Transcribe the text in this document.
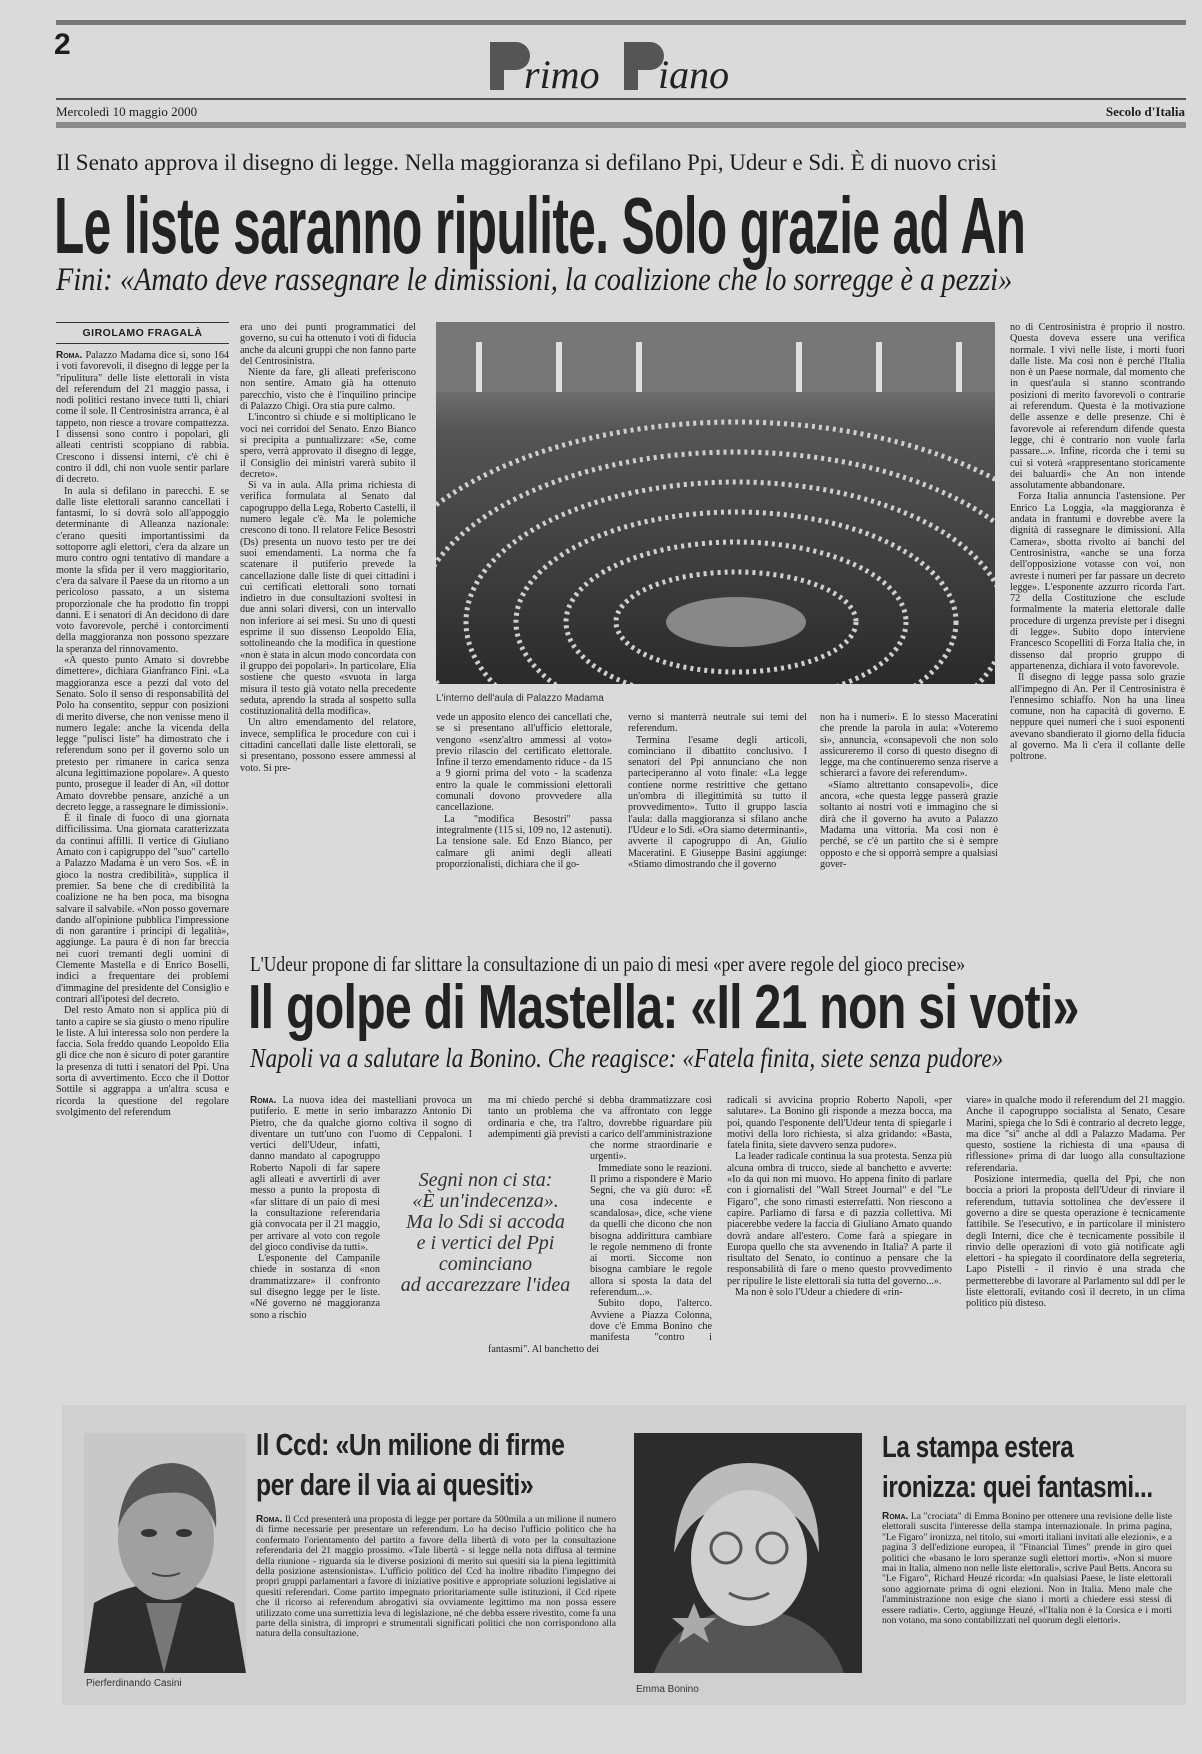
2
rimo iano
Mercoledì 10 maggio 2000	Secolo d'Italia
Il Senato approva il disegno di legge. Nella maggioranza si defilano Ppi, Udeur e Sdi. È di nuovo crisi
Le liste saranno ripulite. Solo grazie ad An
Fini: «Amato deve rassegnare le dimissioni, la coalizione che lo sorregge è a pezzi»
GIROLAMO FRAGALÀ

Roma. Palazzo Madama dice sì, sono 164 i voti favorevoli, il disegno di legge per la "ripulitura" delle liste elettorali in vista del referendum del 21 maggio passa, i nodi politici restano invece tutti lì, chiari come il sole. Il Centrosinistra arranca, è al tappeto, non riesce a trovare compattezza. I dissensi sono contro i popolari, gli alleati centristi scoppiano di rabbia. Crescono i dissensi interni, c'è chi è contro il ddl, chi non vuole sentir parlare di decreto.

In aula si defilano in parecchi. E se dalle liste elettorali saranno cancellati i fantasmi, lo si dovrà solo all'appoggio determinante di Alleanza nazionale: c'erano quesiti importantissimi da sottoporre agli elettori, c'era da alzare un muro contro ogni tentativo di mandare a monte la sfida per il vero maggioritario, c'era da salvare il Paese da un ritorno a un pericoloso passato, a un sistema proporzionale che ha prodotto fin troppi danni. E i senatori di An decidono di dare voto favorevole, perché i contorcimenti della maggioranza non possono spezzare la speranza del rinnovamento.

«A questo punto Amato si dovrebbe dimettere», dichiara Gianfranco Fini. «La maggioranza esce a pezzi dal voto del Senato. Solo il senso di responsabilità del Polo ha consentito, seppur con posizioni di merito diverse, che non venisse meno il numero legale: anche la vicenda della legge "pulisci liste" ha dimostrato che i referendum sono per il governo solo un pretesto per rimanere in carica senza alcuna legittimazione popolare». A questo punto, prosegue il leader di An, «il dottor Amato dovrebbe pensare, anziché a un decreto legge, a rassegnare le dimissioni».

È il finale di fuoco di una giornata difficilissima. Una giornata caratterizzata da continui affilli. Il vertice di Giuliano Amato con i capigruppo del "suo" cartello a Palazzo Madama è un vero Sos. «È in gioco la nostra credibilità», supplica il premier. Sa bene che di credibilità la coalizione ne ha ben poca, ma bisogna salvare il salvabile. «Non posso governare dando all'opinione pubblica l'impressione di non garantire i principi di legalità», aggiunge. La paura è di non far breccia nei cuori tremanti degli uomini di Clemente Mastella e di Enrico Boselli, indici a frequentare dei problemi d'immagine del presidente del Consiglio e contrari all'ipotesi del decreto.

Del resto Amato non si applica più di tanto a capire se sia giusto o meno ripulire le liste. A lui interessa solo non perdere la faccia. Sola freddo quando Leopoldo Elia gli dice che non è sicuro di poter garantire la presenza di tutti i senatori del Ppi. Una sorta di avvertimento. Ecco che il Dottor Sottile si aggrappa a un'altra scusa e ricorda la questione del regolare svolgimento del referendum

era uno dei punti programmatici del governo, su cui ha ottenuto i voti di fiducia anche da alcuni gruppi che non fanno parte del Centrosinistra.

Niente da fare, gli alleati preferiscono non sentire. Amato già ha ottenuto parecchio, visto che è l'inquilino principe di Palazzo Chigi. Ora stia pure calmo.

L'incontro si chiude e si moltiplicano le voci nei corridoi del Senato. Enzo Bianco si precipita a puntualizzare: «Se, come spero, verrà approvato il disegno di legge, il Consiglio dei ministri varerà subito il decreto».

Si va in aula. Alla prima richiesta di verifica formulata al Senato dal capogruppo della Lega, Roberto Castelli, il numero legale c'è. Ma le polemiche crescono di tono. Il relatore Felice Besostri (Ds) presenta un nuovo testo per tre dei suoi emendamenti. La norma che fa scatenare il putiferio prevede la cancellazione dalle liste di quei cittadini i cui certificati elettorali sono tornati indietro in due consultazioni svoltesi in due anni solari diversi, con un intervallo non inferiore ai sei mesi. Su uno di questi esprime il suo dissenso Leopoldo Elia, sottolineando che la modifica in questione «non è stata in alcun modo concordata con il gruppo dei popolari». In particolare, Elia sostiene che questo «svuota in larga misura il testo già votato nella precedente seduta, aprendo la strada al sospetto sulla costituzionalità della modifica».

Un altro emendamento del relatore, invece, semplifica le procedure con cui i cittadini cancellati dalle liste elettorali, se si presentano, possono essere ammessi al voto. Si pre-

L'interno dell'aula di Palazzo Madama

vede un apposito elenco dei cancellati che, se si presentano all'ufficio elettorale, vengono «senz'altro ammessi al voto» previo rilascio del certificato elettorale. Infine il terzo emendamento riduce - da 15 a 9 giorni prima del voto - la scadenza entro la quale le commissioni elettorali comunali dovono provvedere alla cancellazione.

La "modifica Besostri" passa integralmente (115 sì, 109 no, 12 astenuti). La tensione sale. Ed Enzo Bianco, per calmare gli animi degli alleati proporzionalisti, dichiara che il go-

verno si manterrà neutrale sui temi del referendum.

Termina l'esame degli articoli, cominciano il dibattito conclusivo. I senatori del Ppi annunciano che non parteciperanno al voto finale: «La legge contiene norme restrittive che gettano un'ombra di illegittimità su tutto il provvedimento». Tutto il gruppo lascia l'aula: dalla maggioranza si sfilano anche l'Udeur e lo Sdi. «Ora siamo determinanti», avverte il capogruppo di An, Giulio Maceratini. E Giuseppe Basini aggiunge: «Stiamo dimostrando che il governo

non ha i numeri». È lo stesso Maceratini che prende la parola in aula: «Voteremo sì», annuncia, «consapevoli che non solo assicureremo il corso di questo disegno di legge, ma che continueremo senza riserve a schierarci a favore dei referendum».

«Siamo altrettanto consapevoli», dice ancora, «che questa legge passerà grazie soltanto ai nostri voti e immagino che si dirà che il governo ha avuto a Palazzo Madama una vittoria. Ma così non è perché, se c'è un partito che si è sempre opposto e che si opporrà sempre a qualsiasi gover-

no di Centrosinistra è proprio il nostro. Questa doveva essere una verifica normale. I vivi nelle liste, i morti fuori dalle liste. Ma così non è perché l'Italia non è un Paese normale, dal momento che in quest'aula si stanno scontrando posizioni di merito favorevoli o contrarie ai referendum. Questa è la motivazione delle assenze e delle presenze. Chi è favorevole ai referendum difende questa legge, chi è contrario non vuole farla passare...». Infine, ricorda che i temi su cui si voterà «rappresentano storicamente dei baluardi» che An non intende assolutamente abbandonare.

Forza Italia annuncia l'astensione. Per Enrico La Loggia, «la maggioranza è andata in frantumi e dovrebbe avere la dignità di rassegnare le dimissioni. Alla Camera», sbotta rivolto ai banchi del Centrosinistra, «anche se una forza dell'opposizione votasse con voi, non avreste i numeri per far passare un decreto legge». L'esponente azzurro ricorda l'art. 72 della Costituzione che esclude formalmente la materia elettorale dalle procedure di urgenza previste per i disegni di legge». Subito dopo interviene Francesco Scopelliti di Forza Italia che, in dissenso dal proprio gruppo di appartenenza, dichiara il voto favorevole.

Il disegno di legge passa solo grazie all'impegno di An. Per il Centrosinistra è l'ennesimo schiaffo. Non ha una linea comune, non ha capacità di governo. E neppure quei numeri che i suoi esponenti avevano sbandierato il giorno della fiducia al governo. Ma lì c'era il collante delle poltrone.

L'Udeur propone di far slittare la consultazione di un paio di mesi «per avere regole del gioco precise»
Il golpe di Mastella: «Il 21 non si voti»
Napoli va a salutare la Bonino. Che reagisce: «Fatela finita, siete senza pudore»

Roma. La nuova idea dei mastelliani provoca un putiferio. E mette in serio imbarazzo Antonio Di Pietro, che da qualche giorno coltiva il sogno di diventare un tutt'uno con l'uomo di Ceppaloni. I vertici dell'Udeur, infatti, danno mandato al capogruppo Roberto Napoli di far sapere agli alleati e avvertirli di aver messo a punto la proposta di «far slittare di un paio di mesi la consultazione referendaria già convocata per il 21 maggio, per arrivare al voto con regole del gioco condivise da tutti».

L'esponente del Campanile chiede in sostanza di «non drammatizzare» il confronto sul disegno legge per le liste. «Né governo né maggioranza sono a rischio

ma mi chiedo perché si debba drammatizzare così tanto un problema che va affrontato con legge ordinaria e che, tra l'altro, dovrebbe riguardare più adempimenti già previsti a carico dell'amministrazione che norme straordinarie e urgenti».

Immediate sono le reazioni. Il primo a rispondere è Mario Segni, che va giù duro: «È una cosa indecente e scandalosa», dice, «che viene da quelli che dicono che non bisogna addirittura cambiare le regole nemmeno di fronte ai morti. Siccome non bisogna cambiare le regole allora si sposta la data del referendum...».

Subito dopo, l'alterco. Avviene a Piazza Colonna, dove c'è Emma Bonino che manifesta "contro i fantasmi". Al banchetto dei

Segni non ci sta:
«È un'indecenza».
Ma lo Sdi si accoda
e i vertici del Ppi
cominciano
ad accarezzare l'idea

radicali si avvicina proprio Roberto Napoli, «per salutare». La Bonino gli risponde a mezza bocca, ma poi, quando l'esponente dell'Udeur tenta di spiegarle i motivi della loro richiesta, si alza gridando: «Basta, fatela finita, siete davvero senza pudore».

La leader radicale continua la sua protesta. Senza più alcuna ombra di trucco, siede al banchetto e avverte: «Io da qui non mi muovo. Ho appena finito di parlare con i giornalisti del "Wall Street Journal" e del "Le Figaro", che sono rimasti esterrefatti. Non riescono a capire. Parliamo di farsa e di pazzia collettiva. Mi piacerebbe vedere la faccia di Giuliano Amato quando dovrà andare all'estero. Come farà a spiegare in Europa quello che sta avvenendo in Italia? A parte il risultato del Senato, io continuo a pensare che la responsabilità di fare o meno questo provvedimento per ripulire le liste elettorali sia tutta del governo...».

Ma non è solo l'Udeur a chiedere di «rin-

viare» in qualche modo il referendum del 21 maggio. Anche il capogruppo socialista al Senato, Cesare Marini, spiega che lo Sdi è contrario al decreto legge, ma dice "sì" anche al ddl a Palazzo Madama. Per questo, sostiene la richiesta di una «pausa di riflessione» prima di dar luogo alla consultazione referendaria.

Posizione intermedia, quella del Ppi, che non boccia a priori la proposta dell'Udeur di rinviare il referendum, tuttavia sottolinea che dev'essere il governo a dire se questa operazione è tecnicamente fattibile. Se l'esecutivo, e in particolare il ministero degli Interni, dice che è tecnicamente possibile il rinvio delle operazioni di voto già notificate agli elettori - ha spiegato il coordinatore della segreteria, Lapo Pistelli - il rinvio è una strada che permetterebbe di lavorare al Parlamento sul ddl per le liste elettorali, evitando così il decreto, in un clima politico più disteso.

Pierferdinando Casini
Il Ccd: «Un milione di firme
per dare il via ai quesiti»

Roma. Il Ccd presenterà una proposta di legge per portare da 500mila a un milione il numero di firme necessarie per presentare un referendum. Lo ha deciso l'ufficio politico che ha confermato l'orientamento del partito a favore della libertà di voto per la consultazione referendaria del 21 maggio prossimo. «Tale libertà - si legge nella nota diffusa al termine della riunione - riguarda sia le diverse posizioni di merito sui quesiti sia la piena legittimità della posizione astensionista». L'ufficio politico del Ccd ha inoltre ribadito l'impegno dei propri gruppi parlamentari a favore di iniziative positive e appropriate soluzioni legislative ai quesiti referendari. Come partito impegnato prioritariamente sulle istituzioni, il Ccd ripete che il ricorso ai referendum abrogativi sia ovviamente legittimo ma non possa essere utilizzato come una surrettizia leva di legislazione, né che debba essere rivestito, come fa una parte della sinistra, di impropri e strumentali significati politici che non corrispondono alla natura della consultazione.

Emma Bonino
La stampa estera
ironizza: quei fantasmi...

Roma. La "crociata" di Emma Bonino per ottenere una revisione delle liste elettorali suscita l'interesse della stampa internazionale. In prima pagina, "Le Figaro" ironizza, nel titolo, sui «morti italiani invitati alle elezioni», e a pagina 3 dell'edizione europea, il "Financial Times" prende in giro quei politici che «basano le loro speranze sugli elettori morti». «Non si muore mai in Italia, almeno non nelle liste elettorali», scrive Paul Betts. Ancora su "Le Figaro", Richard Heuzé ricorda: «In qualsiasi Paese, le liste elettorali sono aggiornate prima di ogni elezioni. Non in Italia. Meno male che l'amministrazione non esige che siano i morti a chiedere essi stessi di essere radiati». Certo, aggiunge Heuzé, «l'Italia non è la Corsica e i morti non votano, ma sono contabilizzati nel quorum degli elettori».
